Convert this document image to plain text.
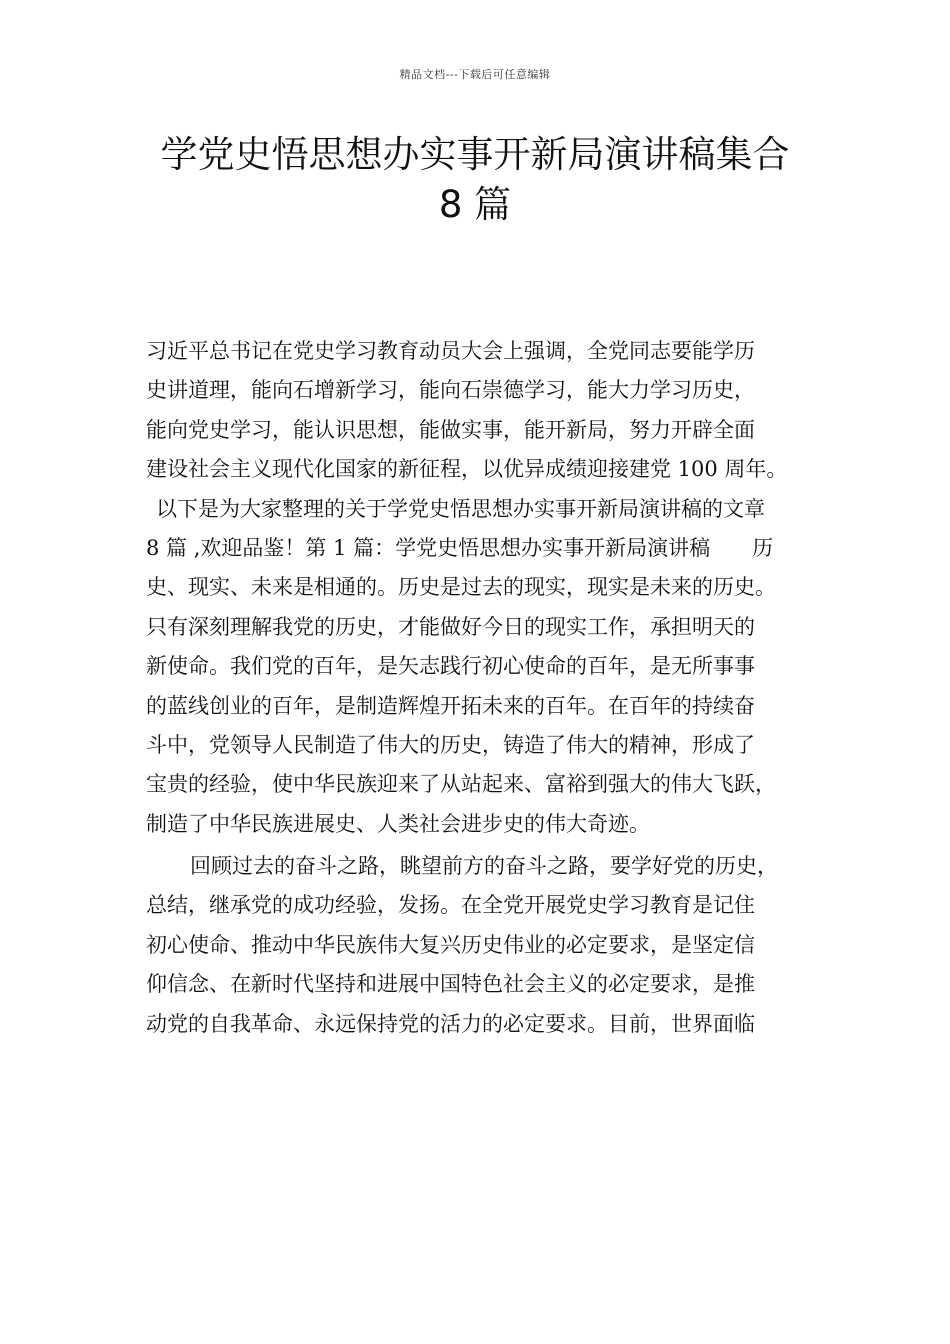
精品文档---下载后可任意编辑
学党史悟思想办实事开新局演讲稿集合
8 篇
习近平总书记在党史学习教育动员大会上强调，全党同志要能学历
史讲道理，能向石增新学习，能向石崇德学习，能大力学习历史，
能向党史学习，能认识思想，能做实事，能开新局，努力开辟全面
建设社会主义现代化国家的新征程，以优异成绩迎接建党 100 周年。
以下是为大家整理的关于学党史悟思想办实事开新局演讲稿的文章
8 篇 ,欢迎品鉴！第 1 篇：学党史悟思想办实事开新局演讲稿　　历
史、现实、未来是相通的。历史是过去的现实，现实是未来的历史。
只有深刻理解我党的历史，才能做好今日的现实工作，承担明天的
新使命。我们党的百年，是矢志践行初心使命的百年，是无所事事
的蓝线创业的百年，是制造辉煌开拓未来的百年。在百年的持续奋
斗中，党领导人民制造了伟大的历史，铸造了伟大的精神，形成了
宝贵的经验，使中华民族迎来了从站起来、富裕到强大的伟大飞跃，
制造了中华民族进展史、人类社会进步史的伟大奇迹。
回顾过去的奋斗之路，眺望前方的奋斗之路，要学好党的历史，
总结，继承党的成功经验，发扬。在全党开展党史学习教育是记住
初心使命、推动中华民族伟大复兴历史伟业的必定要求，是坚定信
仰信念、在新时代坚持和进展中国特色社会主义的必定要求，是推
动党的自我革命、永远保持党的活力的必定要求。目前，世界面临
